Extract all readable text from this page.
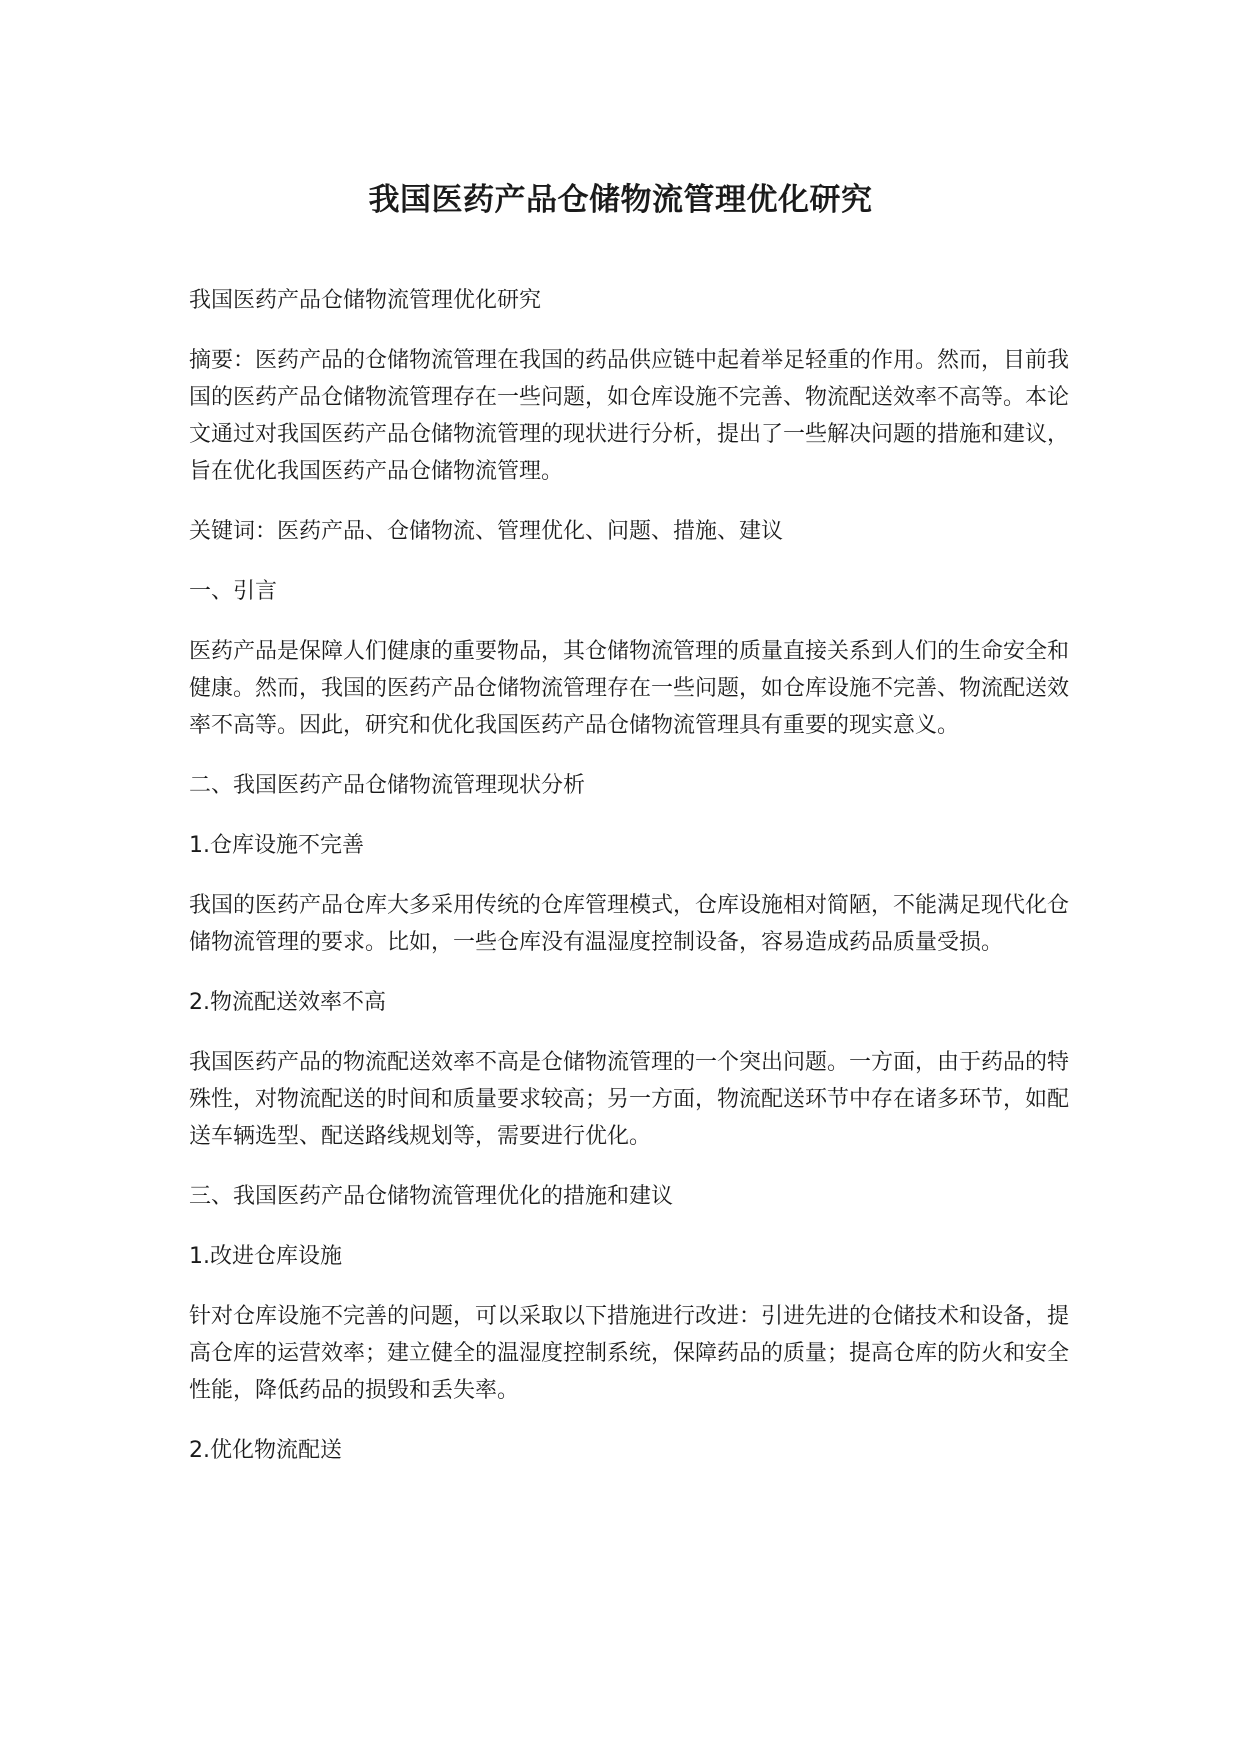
我国医药产品仓储物流管理优化研究

我国医药产品仓储物流管理优化研究

摘要：医药产品的仓储物流管理在我国的药品供应链中起着举足轻重的作用。然而，目前我国的医药产品仓储物流管理存在一些问题，如仓库设施不完善、物流配送效率不高等。本论文通过对我国医药产品仓储物流管理的现状进行分析，提出了一些解决问题的措施和建议，旨在优化我国医药产品仓储物流管理。

关键词：医药产品、仓储物流、管理优化、问题、措施、建议

一、引言

医药产品是保障人们健康的重要物品，其仓储物流管理的质量直接关系到人们的生命安全和健康。然而，我国的医药产品仓储物流管理存在一些问题，如仓库设施不完善、物流配送效率不高等。因此，研究和优化我国医药产品仓储物流管理具有重要的现实意义。

二、我国医药产品仓储物流管理现状分析

1.仓库设施不完善

我国的医药产品仓库大多采用传统的仓库管理模式，仓库设施相对简陋，不能满足现代化仓储物流管理的要求。比如，一些仓库没有温湿度控制设备，容易造成药品质量受损。

2.物流配送效率不高

我国医药产品的物流配送效率不高是仓储物流管理的一个突出问题。一方面，由于药品的特殊性，对物流配送的时间和质量要求较高；另一方面，物流配送环节中存在诸多环节，如配送车辆选型、配送路线规划等，需要进行优化。

三、我国医药产品仓储物流管理优化的措施和建议

1.改进仓库设施

针对仓库设施不完善的问题，可以采取以下措施进行改进：引进先进的仓储技术和设备，提高仓库的运营效率；建立健全的温湿度控制系统，保障药品的质量；提高仓库的防火和安全性能，降低药品的损毁和丢失率。

2.优化物流配送
